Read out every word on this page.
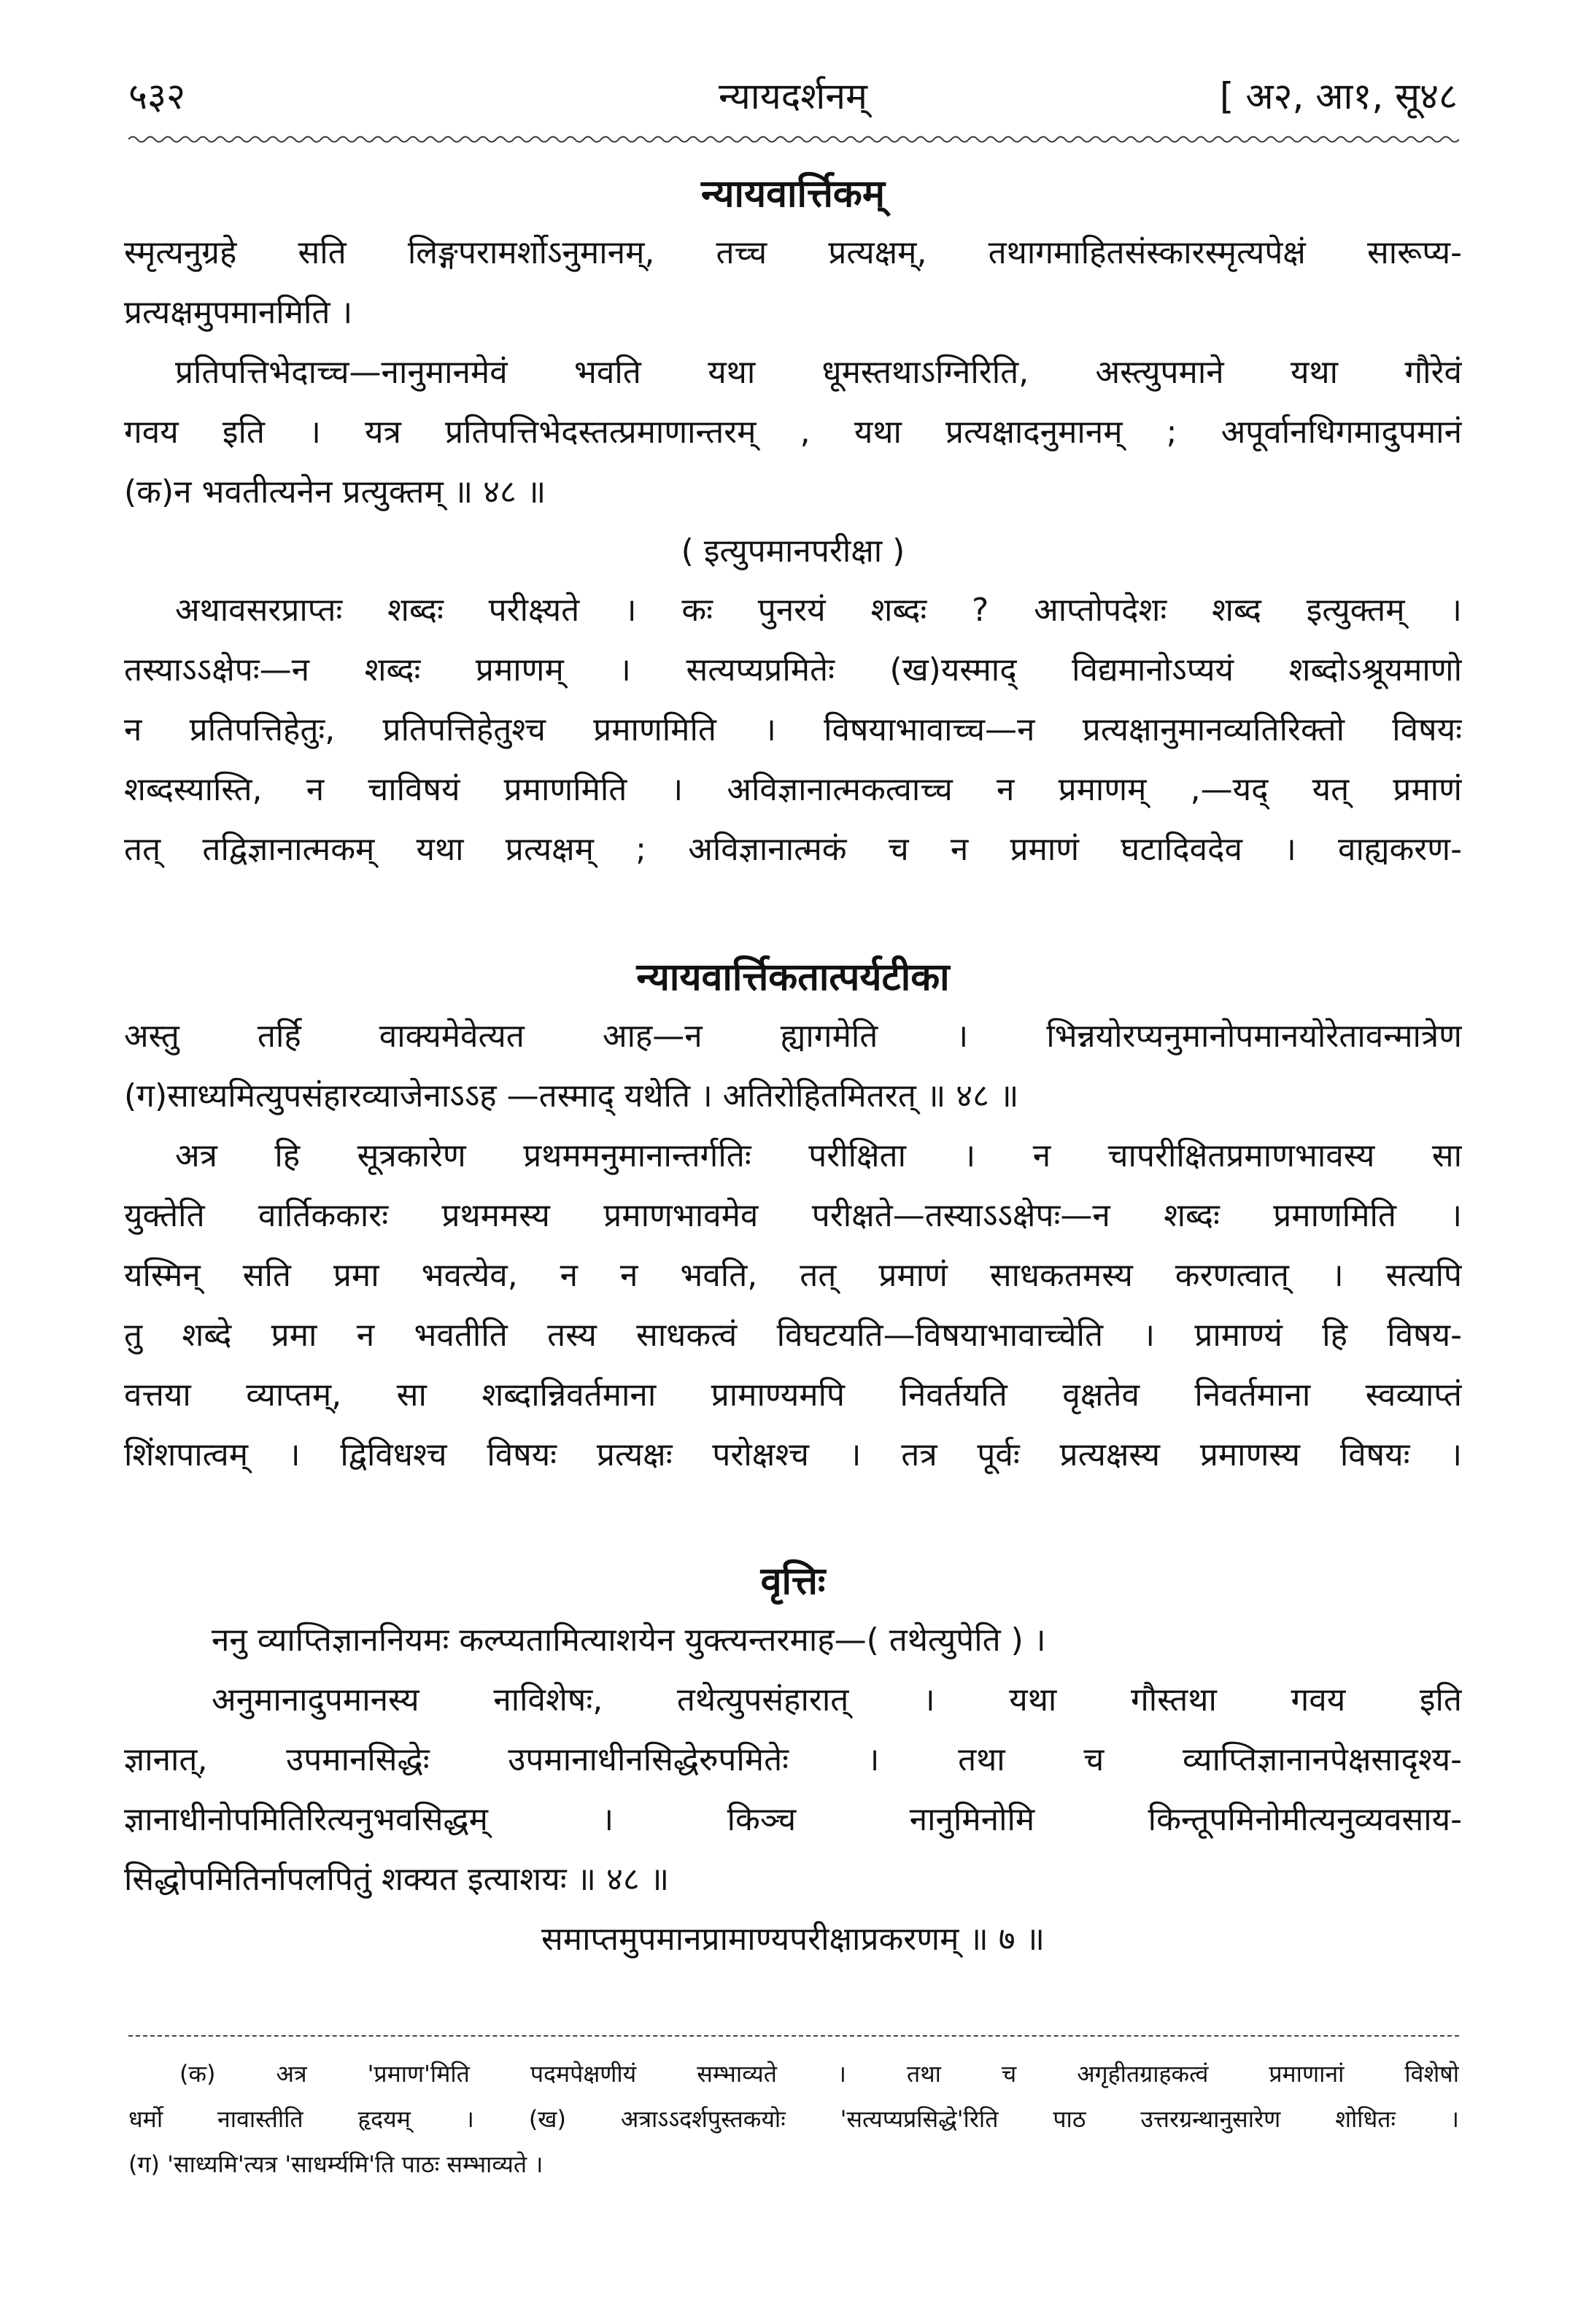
५३२	न्यायदर्शनम्	[ अ२, आ१, सू४८
न्यायवार्त्तिकम्
स्मृत्यनुग्रहे सति लिङ्गपरामर्शोऽनुमानम्, तच्च प्रत्यक्षम्, तथागमाहितसंस्कारस्मृत्यपेक्षं सारूप्य-
प्रत्यक्षमुपमानमिति ।
प्रतिपत्तिभेदाच्च—नानुमानमेवं भवति यथा धूमस्तथाऽग्निरिति, अस्त्युपमाने यथा गौरेवं
गवय इति । यत्र प्रतिपत्तिभेदस्तत्प्रमाणान्तरम् , यथा प्रत्यक्षादनुमानम् ; अपूर्वानधिगमादुपमानं
(क)न भवतीत्यनेन प्रत्युक्तम् ॥ ४८ ॥
( इत्युपमानपरीक्षा )
अथावसरप्राप्तः शब्दः परीक्ष्यते । कः पुनरयं शब्दः ? आप्तोपदेशः शब्द इत्युक्तम् ।
तस्याऽऽक्षेपः—न शब्दः प्रमाणम् । सत्यप्यप्रमितेः (ख)यस्माद् विद्यमानोऽप्ययं शब्दोऽश्रूयमाणो
न प्रतिपत्तिहेतुः, प्रतिपत्तिहेतुश्च प्रमाणमिति । विषयाभावाच्च—न प्रत्यक्षानुमानव्यतिरिक्तो विषयः
शब्दस्यास्ति, न चाविषयं प्रमाणमिति । अविज्ञानात्मकत्वाच्च न प्रमाणम् ,—यद् यत् प्रमाणं
तत् तद्विज्ञानात्मकम् यथा प्रत्यक्षम् ; अविज्ञानात्मकं च न प्रमाणं घटादिवदेव । वाह्यकरण-
न्यायवार्त्तिकतात्पर्यटीका
अस्तु तर्हि वाक्यमेवेत्यत आह—न ह्यागमेति । भिन्नयोरप्यनुमानोपमानयोरेतावन्मात्रेण
(ग)साध्यमित्युपसंहारव्याजेनाऽऽह —तस्माद् यथेति । अतिरोहितमितरत् ॥ ४८ ॥
अत्र हि सूत्रकारेण प्रथममनुमानान्तर्गतिः परीक्षिता । न चापरीक्षितप्रमाणभावस्य सा
युक्तेति वार्तिककारः प्रथममस्य प्रमाणभावमेव परीक्षते—तस्याऽऽक्षेपः—न शब्दः प्रमाणमिति ।
यस्मिन् सति प्रमा भवत्येव, न न भवति, तत् प्रमाणं साधकतमस्य करणत्वात् । सत्यपि
तु शब्दे प्रमा न भवतीति तस्य साधकत्वं विघटयति—विषयाभावाच्चेति । प्रामाण्यं हि विषय-
वत्तया व्याप्तम्, सा शब्दान्निवर्तमाना प्रामाण्यमपि निवर्तयति वृक्षतेव निवर्तमाना स्वव्याप्तं
शिंशपात्वम् । द्विविधश्च विषयः प्रत्यक्षः परोक्षश्च । तत्र पूर्वः प्रत्यक्षस्य प्रमाणस्य विषयः ।
वृत्तिः
ननु व्याप्तिज्ञाननियमः कल्प्यतामित्याशयेन युक्त्यन्तरमाह—( तथेत्युपेति ) ।
अनुमानादुपमानस्य नाविशेषः, तथेत्युपसंहारात् । यथा गौस्तथा गवय इति
ज्ञानात्, उपमानसिद्धेः उपमानाधीनसिद्धेरुपमितेः । तथा च व्याप्तिज्ञानानपेक्षसादृश्य-
ज्ञानाधीनोपमितिरित्यनुभवसिद्धम् । किञ्च नानुमिनोमि किन्तूपमिनोमीत्यनुव्यवसाय-
सिद्धोपमितिर्नापलपितुं शक्यत इत्याशयः ॥ ४८ ॥
समाप्तमुपमानप्रामाण्यपरीक्षाप्रकरणम् ॥ ७ ॥
(क) अत्र 'प्रमाण'मिति पदमपेक्षणीयं सम्भाव्यते । तथा च अगृहीतग्राहकत्वं प्रमाणानां विशेषो
धर्मो नावास्तीति हृदयम् । (ख) अत्राऽऽदर्शपुस्तकयोः 'सत्यप्यप्रसिद्धे'रिति पाठ उत्तरग्रन्थानुसारेण शोधितः ।
(ग) 'साध्यमि'त्यत्र 'साधर्म्यमि'ति पाठः सम्भाव्यते ।
